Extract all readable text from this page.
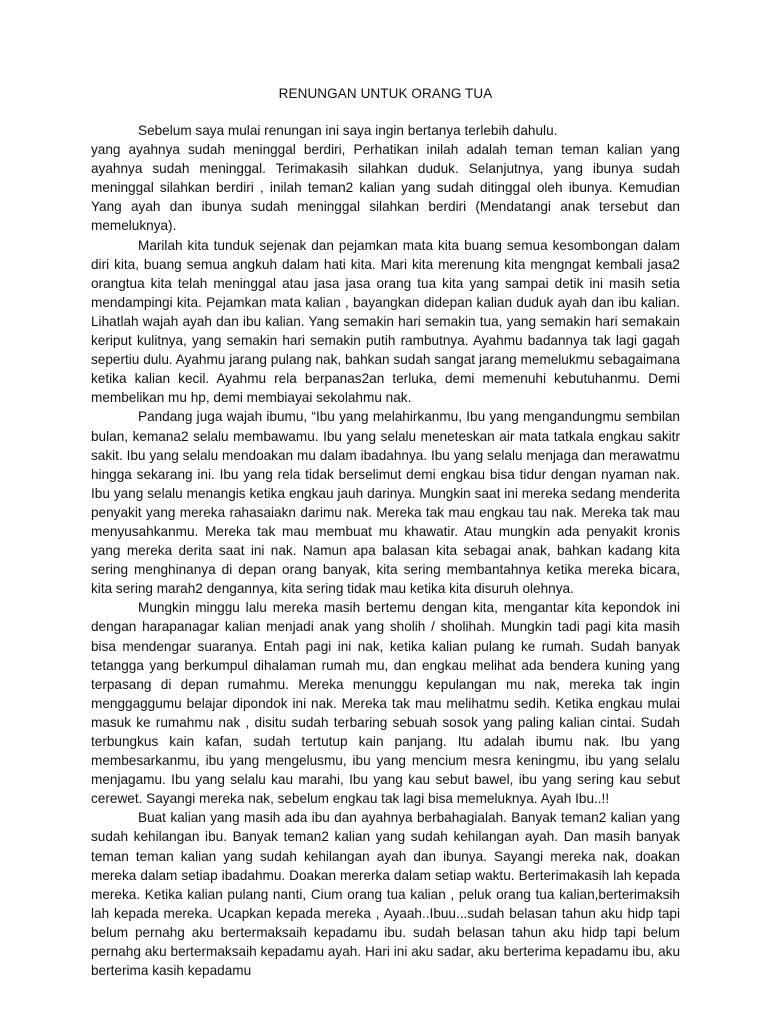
RENUNGAN UNTUK ORANG TUA

Sebelum saya mulai renungan ini saya ingin bertanya terlebih dahulu.

yang ayahnya sudah meninggal berdiri, Perhatikan inilah adalah teman teman kalian yang ayahnya sudah meninggal. Terimakasih silahkan duduk. Selanjutnya, yang ibunya sudah meninggal silahkan berdiri , inilah teman2 kalian yang sudah ditinggal oleh ibunya. Kemudian Yang ayah dan ibunya sudah meninggal silahkan berdiri (Mendatangi anak tersebut dan memeluknya).

Marilah kita tunduk sejenak dan pejamkan mata kita buang semua kesombongan dalam diri kita, buang semua angkuh dalam hati kita. Mari kita merenung kita mengngat kembali jasa2 orangtua kita telah meninggal atau jasa jasa orang tua kita yang sampai detik ini masih setia mendampingi kita. Pejamkan mata kalian , bayangkan didepan kalian duduk ayah dan ibu kalian. Lihatlah wajah ayah dan ibu kalian. Yang semakin hari semakin tua, yang semakin hari semakain keriput kulitnya, yang semakin hari semakin putih rambutnya. Ayahmu badannya tak lagi gagah sepertiu dulu. Ayahmu jarang pulang nak, bahkan sudah sangat jarang memelukmu sebagaimana ketika kalian kecil. Ayahmu rela berpanas2an terluka, demi memenuhi kebutuhanmu. Demi membelikan mu hp, demi membiayai sekolahmu nak.

Pandang juga wajah ibumu, “Ibu yang melahirkanmu, Ibu yang mengandungmu sembilan bulan, kemana2 selalu membawamu. Ibu yang selalu meneteskan air mata tatkala engkau sakitr sakit. Ibu yang selalu mendoakan mu dalam ibadahnya. Ibu yang selalu menjaga dan merawatmu hingga sekarang ini. Ibu yang rela tidak berselimut demi engkau bisa tidur dengan nyaman nak. Ibu yang selalu menangis ketika engkau jauh darinya. Mungkin saat ini mereka sedang menderita penyakit yang mereka rahasaiakn darimu nak. Mereka tak mau engkau tau nak. Mereka tak mau menyusahkanmu. Mereka tak mau membuat mu khawatir. Atau mungkin ada penyakit kronis yang mereka derita saat ini nak. Namun apa balasan kita sebagai anak, bahkan kadang kita sering menghinanya di depan orang banyak, kita sering membantahnya ketika mereka bicara, kita sering marah2 dengannya, kita sering tidak mau ketika kita disuruh olehnya.

Mungkin minggu lalu mereka masih bertemu dengan kita, mengantar kita kepondok ini dengan harapanagar kalian menjadi anak yang sholih / sholihah. Mungkin tadi pagi kita masih bisa mendengar suaranya. Entah pagi ini nak, ketika kalian pulang ke rumah. Sudah banyak tetangga yang berkumpul dihalaman rumah mu, dan engkau melihat ada bendera kuning yang terpasang di depan rumahmu. Mereka menunggu kepulangan mu nak, mereka tak ingin menggaggumu belajar dipondok ini nak. Mereka tak mau melihatmu sedih. Ketika engkau mulai masuk ke rumahmu nak , disitu sudah terbaring sebuah sosok yang paling kalian cintai. Sudah terbungkus kain kafan, sudah tertutup kain panjang. Itu adalah ibumu nak. Ibu yang membesarkanmu, ibu yang mengelusmu, ibu yang mencium mesra keningmu, ibu yang selalu menjagamu. Ibu yang selalu kau marahi, Ibu yang kau sebut bawel, ibu yang sering kau sebut cerewet. Sayangi mereka nak, sebelum engkau tak lagi bisa memeluknya. Ayah Ibu..!!

Buat kalian yang masih ada ibu dan ayahnya berbahagialah. Banyak teman2 kalian yang sudah kehilangan ibu. Banyak teman2 kalian yang sudah kehilangan ayah. Dan masih banyak teman teman kalian yang sudah kehilangan ayah dan ibunya. Sayangi mereka nak, doakan mereka dalam setiap ibadahmu. Doakan mererka dalam setiap waktu. Berterimakasih lah kepada mereka. Ketika kalian pulang nanti, Cium orang tua kalian , peluk orang tua kalian,berterimaksih lah kepada mereka. Ucapkan kepada mereka , Ayaah..Ibuu...sudah belasan tahun aku hidp tapi belum pernahg aku bertermaksaih kepadamu ibu. sudah belasan tahun aku hidp tapi belum pernahg aku bertermaksaih kepadamu ayah. Hari ini aku sadar, aku berterima kepadamu ibu, aku berterima kasih kepadamu
